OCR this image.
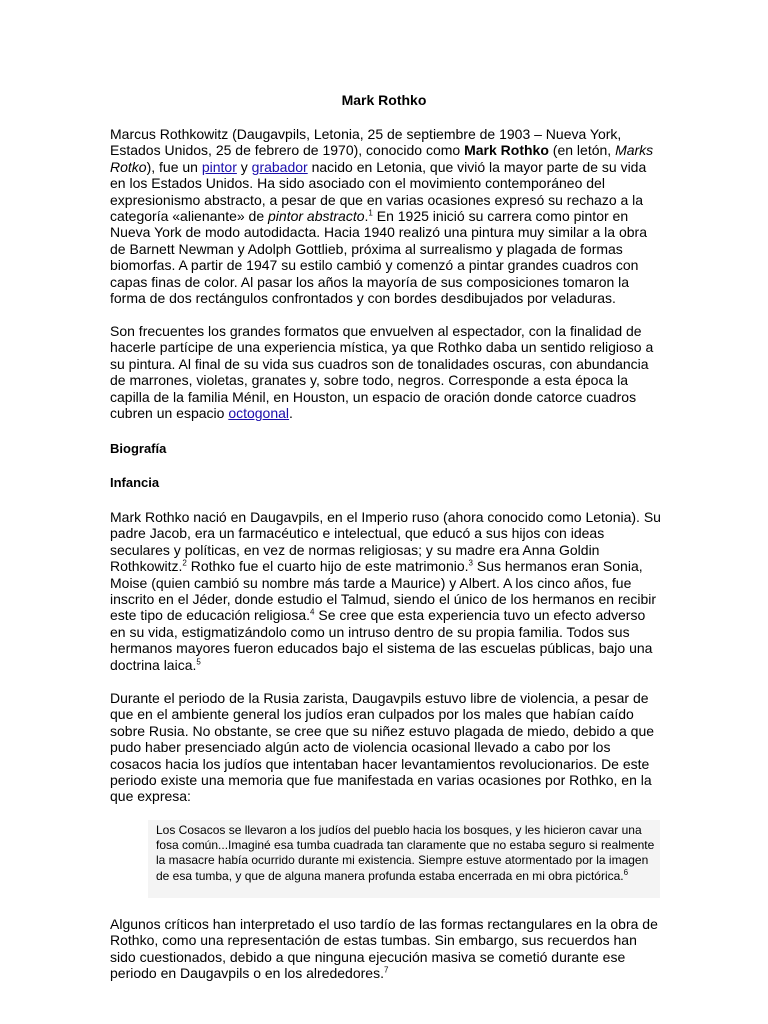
Mark Rothko
Marcus Rothkowitz (Daugavpils, Letonia, 25 de septiembre de 1903 – Nueva York, Estados Unidos, 25 de febrero de 1970), conocido como Mark Rothko (en letón, Marks Rotko), fue un pintor y grabador nacido en Letonia, que vivió la mayor parte de su vida en los Estados Unidos. Ha sido asociado con el movimiento contemporáneo del expresionismo abstracto, a pesar de que en varias ocasiones expresó su rechazo a la categoría «alienante» de pintor abstracto.$^1$ En 1925 inició su carrera como pintor en Nueva York de modo autodidacta. Hacia 1940 realizó una pintura muy similar a la obra de Barnett Newman y Adolph Gottlieb, próxima al surrealismo y plagada de formas biomorfas. A partir de 1947 su estilo cambió y comenzó a pintar grandes cuadros con capas finas de color. Al pasar los años la mayoría de sus composiciones tomaron la forma de dos rectángulos confrontados y con bordes desdibujados por veladuras.
Son frecuentes los grandes formatos que envuelven al espectador, con la finalidad de hacerle partícipe de una experiencia mística, ya que Rothko daba un sentido religioso a su pintura. Al final de su vida sus cuadros son de tonalidades oscuras, con abundancia de marrones, violetas, granates y, sobre todo, negros. Corresponde a esta época la capilla de la familia Ménil, en Houston, un espacio de oración donde catorce cuadros cubren un espacio octogonal.
Biografía
Infancia
Mark Rothko nació en Daugavpils, en el Imperio ruso (ahora conocido como Letonia). Su padre Jacob, era un farmacéutico e intelectual, que educó a sus hijos con ideas seculares y políticas, en vez de normas religiosas; y su madre era Anna Goldin Rothkowitz.$^2$ Rothko fue el cuarto hijo de este matrimonio.$^3$ Sus hermanos eran Sonia, Moise (quien cambió su nombre más tarde a Maurice) y Albert. A los cinco años, fue inscrito en el Jéder, donde estudio el Talmud, siendo el único de los hermanos en recibir este tipo de educación religiosa.$^4$ Se cree que esta experiencia tuvo un efecto adverso en su vida, estigmatizándolo como un intruso dentro de su propia familia. Todos sus hermanos mayores fueron educados bajo el sistema de las escuelas públicas, bajo una doctrina laica.$^5$
Durante el periodo de la Rusia zarista, Daugavpils estuvo libre de violencia, a pesar de que en el ambiente general los judíos eran culpados por los males que habían caído sobre Rusia. No obstante, se cree que su niñez estuvo plagada de miedo, debido a que pudo haber presenciado algún acto de violencia ocasional llevado a cabo por los cosacos hacia los judíos que intentaban hacer levantamientos revolucionarios. De este periodo existe una memoria que fue manifestada en varias ocasiones por Rothko, en la que expresa:
Los Cosacos se llevaron a los judíos del pueblo hacia los bosques, y les hicieron cavar una fosa común...Imaginé esa tumba cuadrada tan claramente que no estaba seguro si realmente la masacre había ocurrido durante mi existencia. Siempre estuve atormentado por la imagen de esa tumba, y que de alguna manera profunda estaba encerrada en mi obra pictórica.$^6$
Algunos críticos han interpretado el uso tardío de las formas rectangulares en la obra de Rothko, como una representación de estas tumbas. Sin embargo, sus recuerdos han sido cuestionados, debido a que ninguna ejecución masiva se cometió durante ese periodo en Daugavpils o en los alrededores.$^7$
